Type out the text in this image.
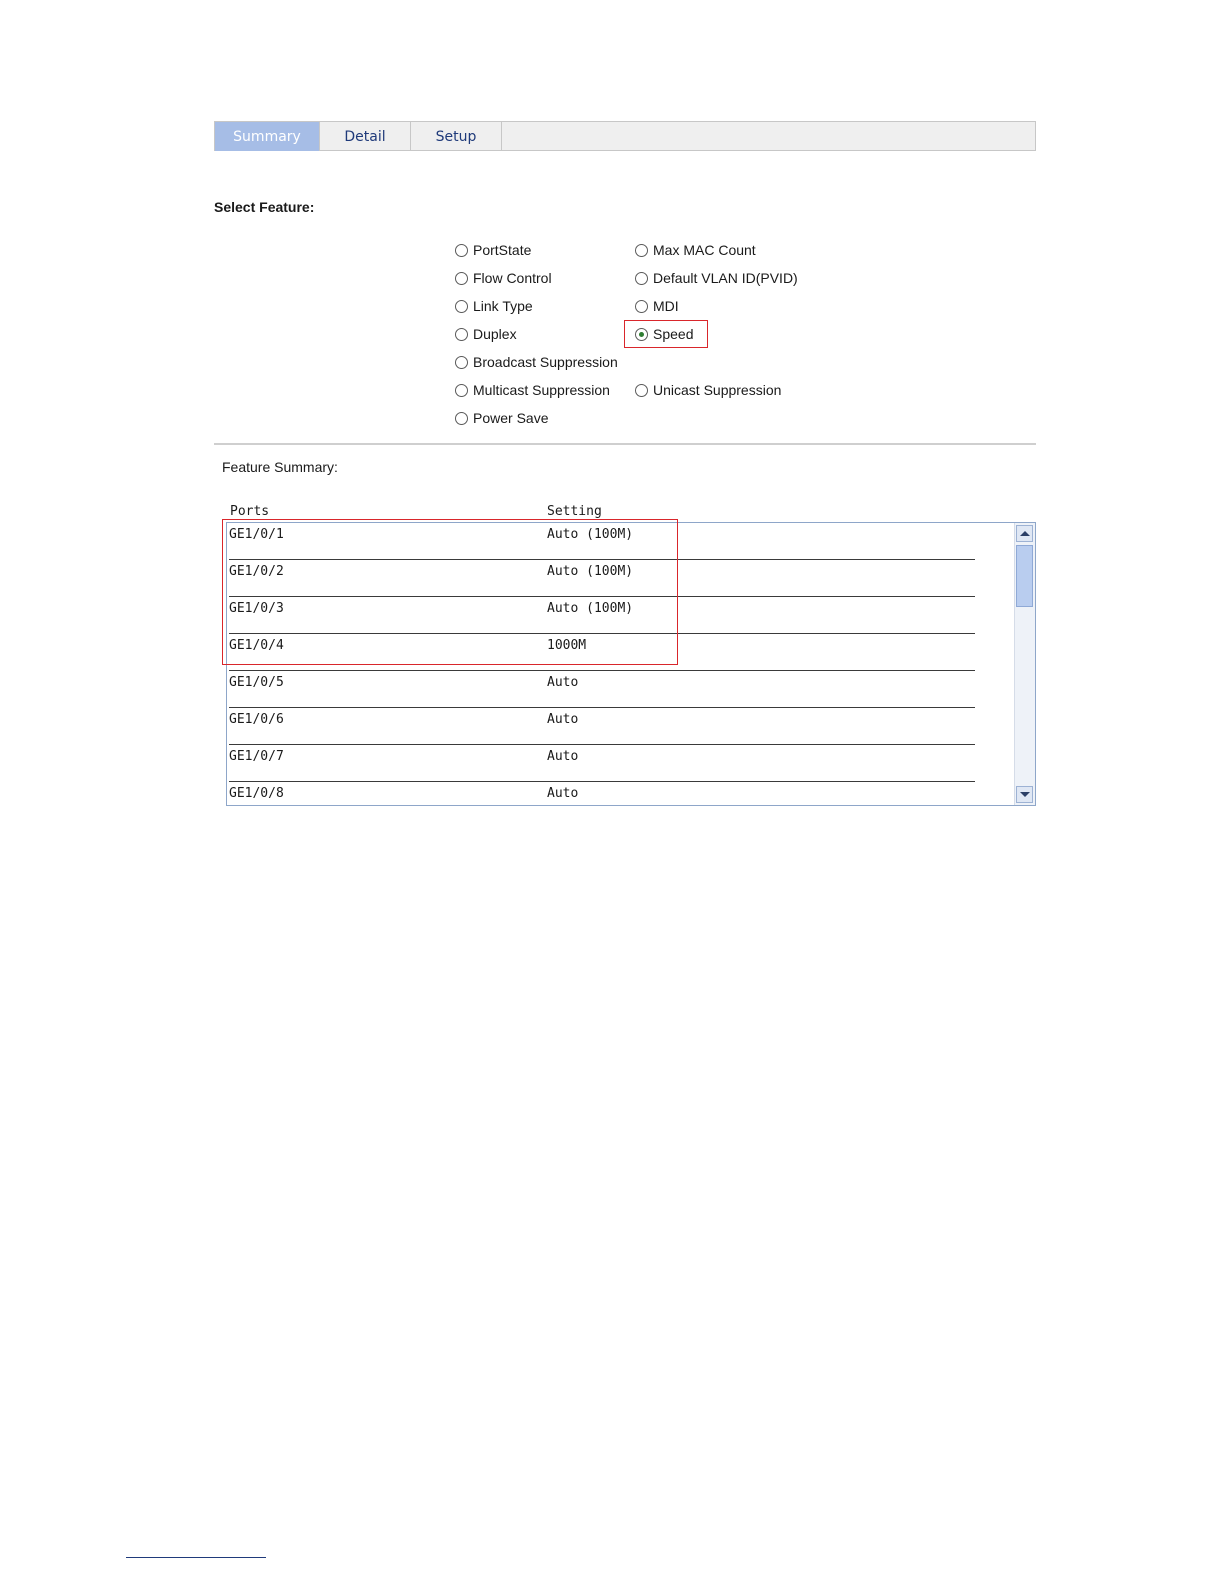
Summary	Detail	Setup
Select Feature:
PortState	Max MAC Count
Flow Control	Default VLAN ID(PVID)
Link Type	MDI
Duplex	Speed
Broadcast Suppression
Multicast Suppression	Unicast Suppression
Power Save
Feature Summary:
Ports	Setting
GE1/0/1	Auto (100M)
GE1/0/2	Auto (100M)
GE1/0/3	Auto (100M)
GE1/0/4	1000M
GE1/0/5	Auto
GE1/0/6	Auto
GE1/0/7	Auto
GE1/0/8	Auto
